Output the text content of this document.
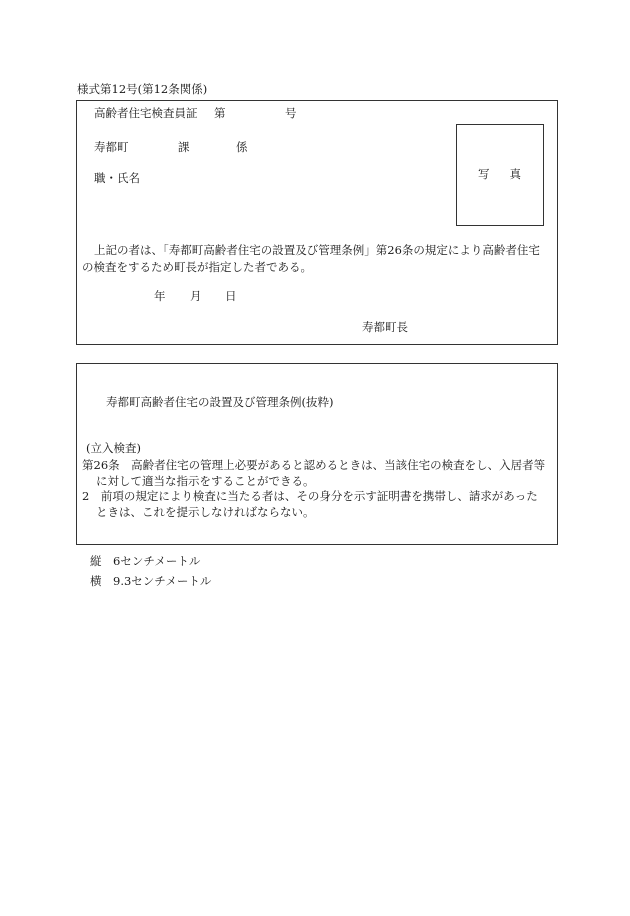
様式第12号(第12条関係)
高齢者住宅検査員証 第	号
寿都町	課	係
職・氏名	写真
上記の者は、「寿都町高齢者住宅の設置及び管理条例」第26条の規定により高齢者住宅
の検査をするため町長が指定した者である。
年 月 日
寿都町長
寿都町高齢者住宅の設置及び管理条例(抜粋)
(立入検査)
第26条　高齢者住宅の管理上必要があると認めるときは、当該住宅の検査をし、入居者等
に対して適当な指示をすることができる。
2　前項の規定により検査に当たる者は、その身分を示す証明書を携帯し、請求があった
ときは、これを提示しなければならない。
縦　6センチメートル
横　9.3センチメートル
